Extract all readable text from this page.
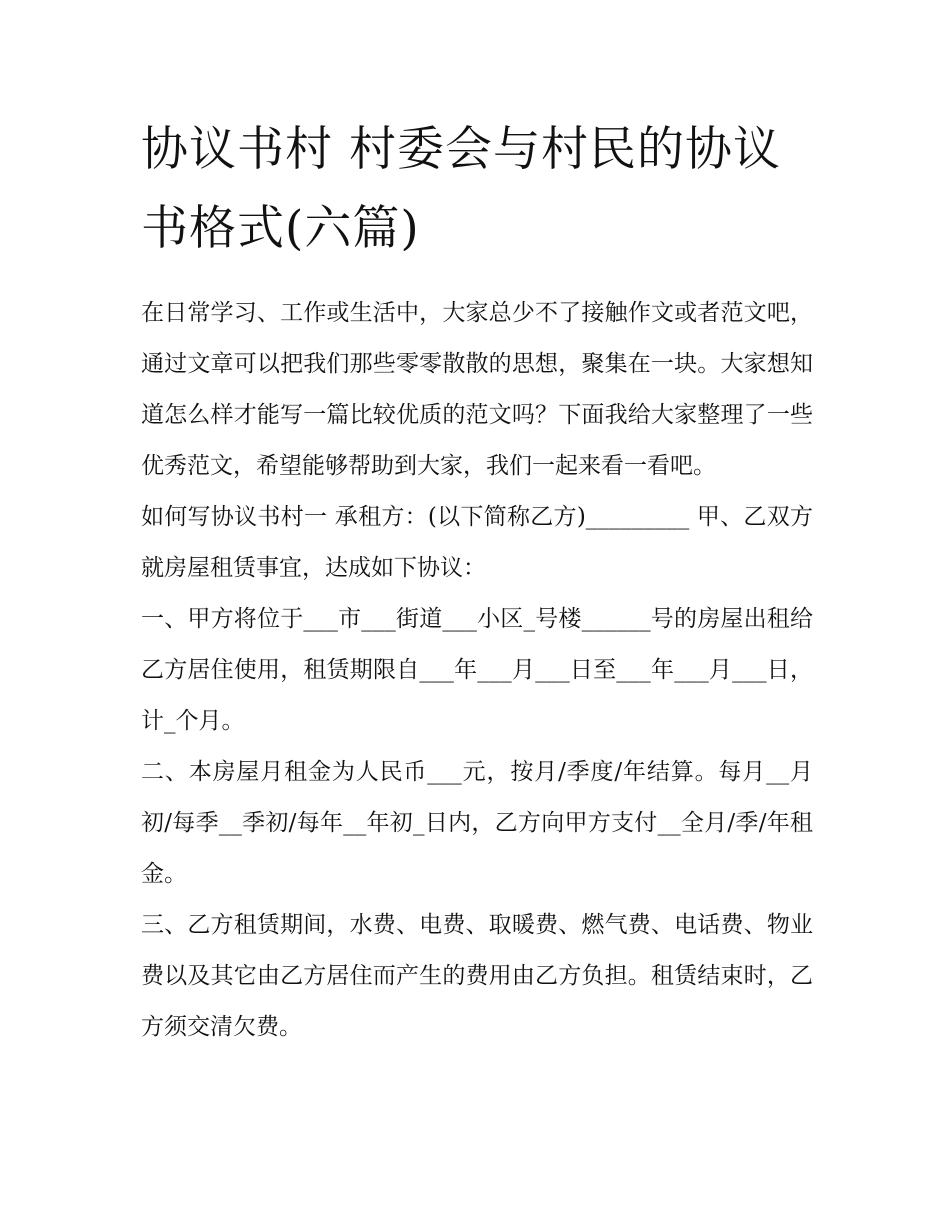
协议书村 村委会与村民的协议书格式(六篇)

在日常学习、工作或生活中，大家总少不了接触作文或者范文吧，通过文章可以把我们那些零零散散的思想，聚集在一块。大家想知道怎么样才能写一篇比较优质的范文吗？下面我给大家整理了一些优秀范文，希望能够帮助到大家，我们一起来看一看吧。

如何写协议书村一 承租方：(以下简称乙方)_________ 甲、乙双方就房屋租赁事宜，达成如下协议：

一、甲方将位于___市___街道___小区_号楼______号的房屋出租给乙方居住使用，租赁期限自___年___月___日至___年___月___日，计_个月。

二、本房屋月租金为人民币___元，按月/季度/年结算。每月__月初/每季__季初/每年__年初_日内，乙方向甲方支付__全月/季/年租金。

三、乙方租赁期间，水费、电费、取暖费、燃气费、电话费、物业费以及其它由乙方居住而产生的费用由乙方负担。租赁结束时，乙方须交清欠费。
